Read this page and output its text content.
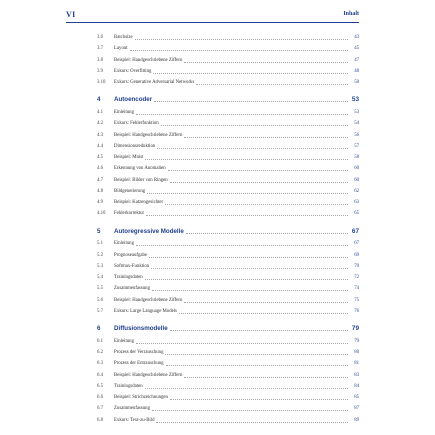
VI	Inhalt
3.6	Batchsize	43
3.7	Layout	45
3.8	Beispiel: Handgeschriebene Ziffern	47
3.9	Exkurs: Overfitting	48
3.10	Exkurs: Generative Adversarial Networks	50
4	Autoencoder	53
4.1	Einleitung	53
4.2	Exkurs: Fehlerfunktion	54
4.3	Beispiel: Handgeschriebene Ziffern	56
4.4	Dimensionsreduktion	57
4.5	Beispiel: Mnist	58
4.6	Erkennung von Anomalien	60
4.7	Beispiel: Bilder von Ringen	60
4.8	Bildgenerierung	62
4.9	Beispiel: Katzengesichter	63
4.10	Fehlerkorrektur	65
5	Autoregressive Modelle	67
5.1	Einleitung	67
5.2	Prognoseaufgabe	69
5.3	Softmax-Funktion	70
5.4	Trainingsdaten	72
5.5	Zusammenfassung	74
5.6	Beispiel: Handgeschriebene Ziffern	75
5.7	Exkurs: Large Language Models	76
6	Diffusionsmodelle	79
6.1	Einleitung	79
6.2	Prozess der Verrauschung	80
6.3	Prozess der Entrauschung	81
6.4	Beispiel: Handgeschriebene Ziffern	83
6.5	Trainingsdaten	84
6.6	Beispiel: Strichzeichnungen	85
6.7	Zusammenfassung	87
6.8	Exkurs: Text-zu-Bild	89
